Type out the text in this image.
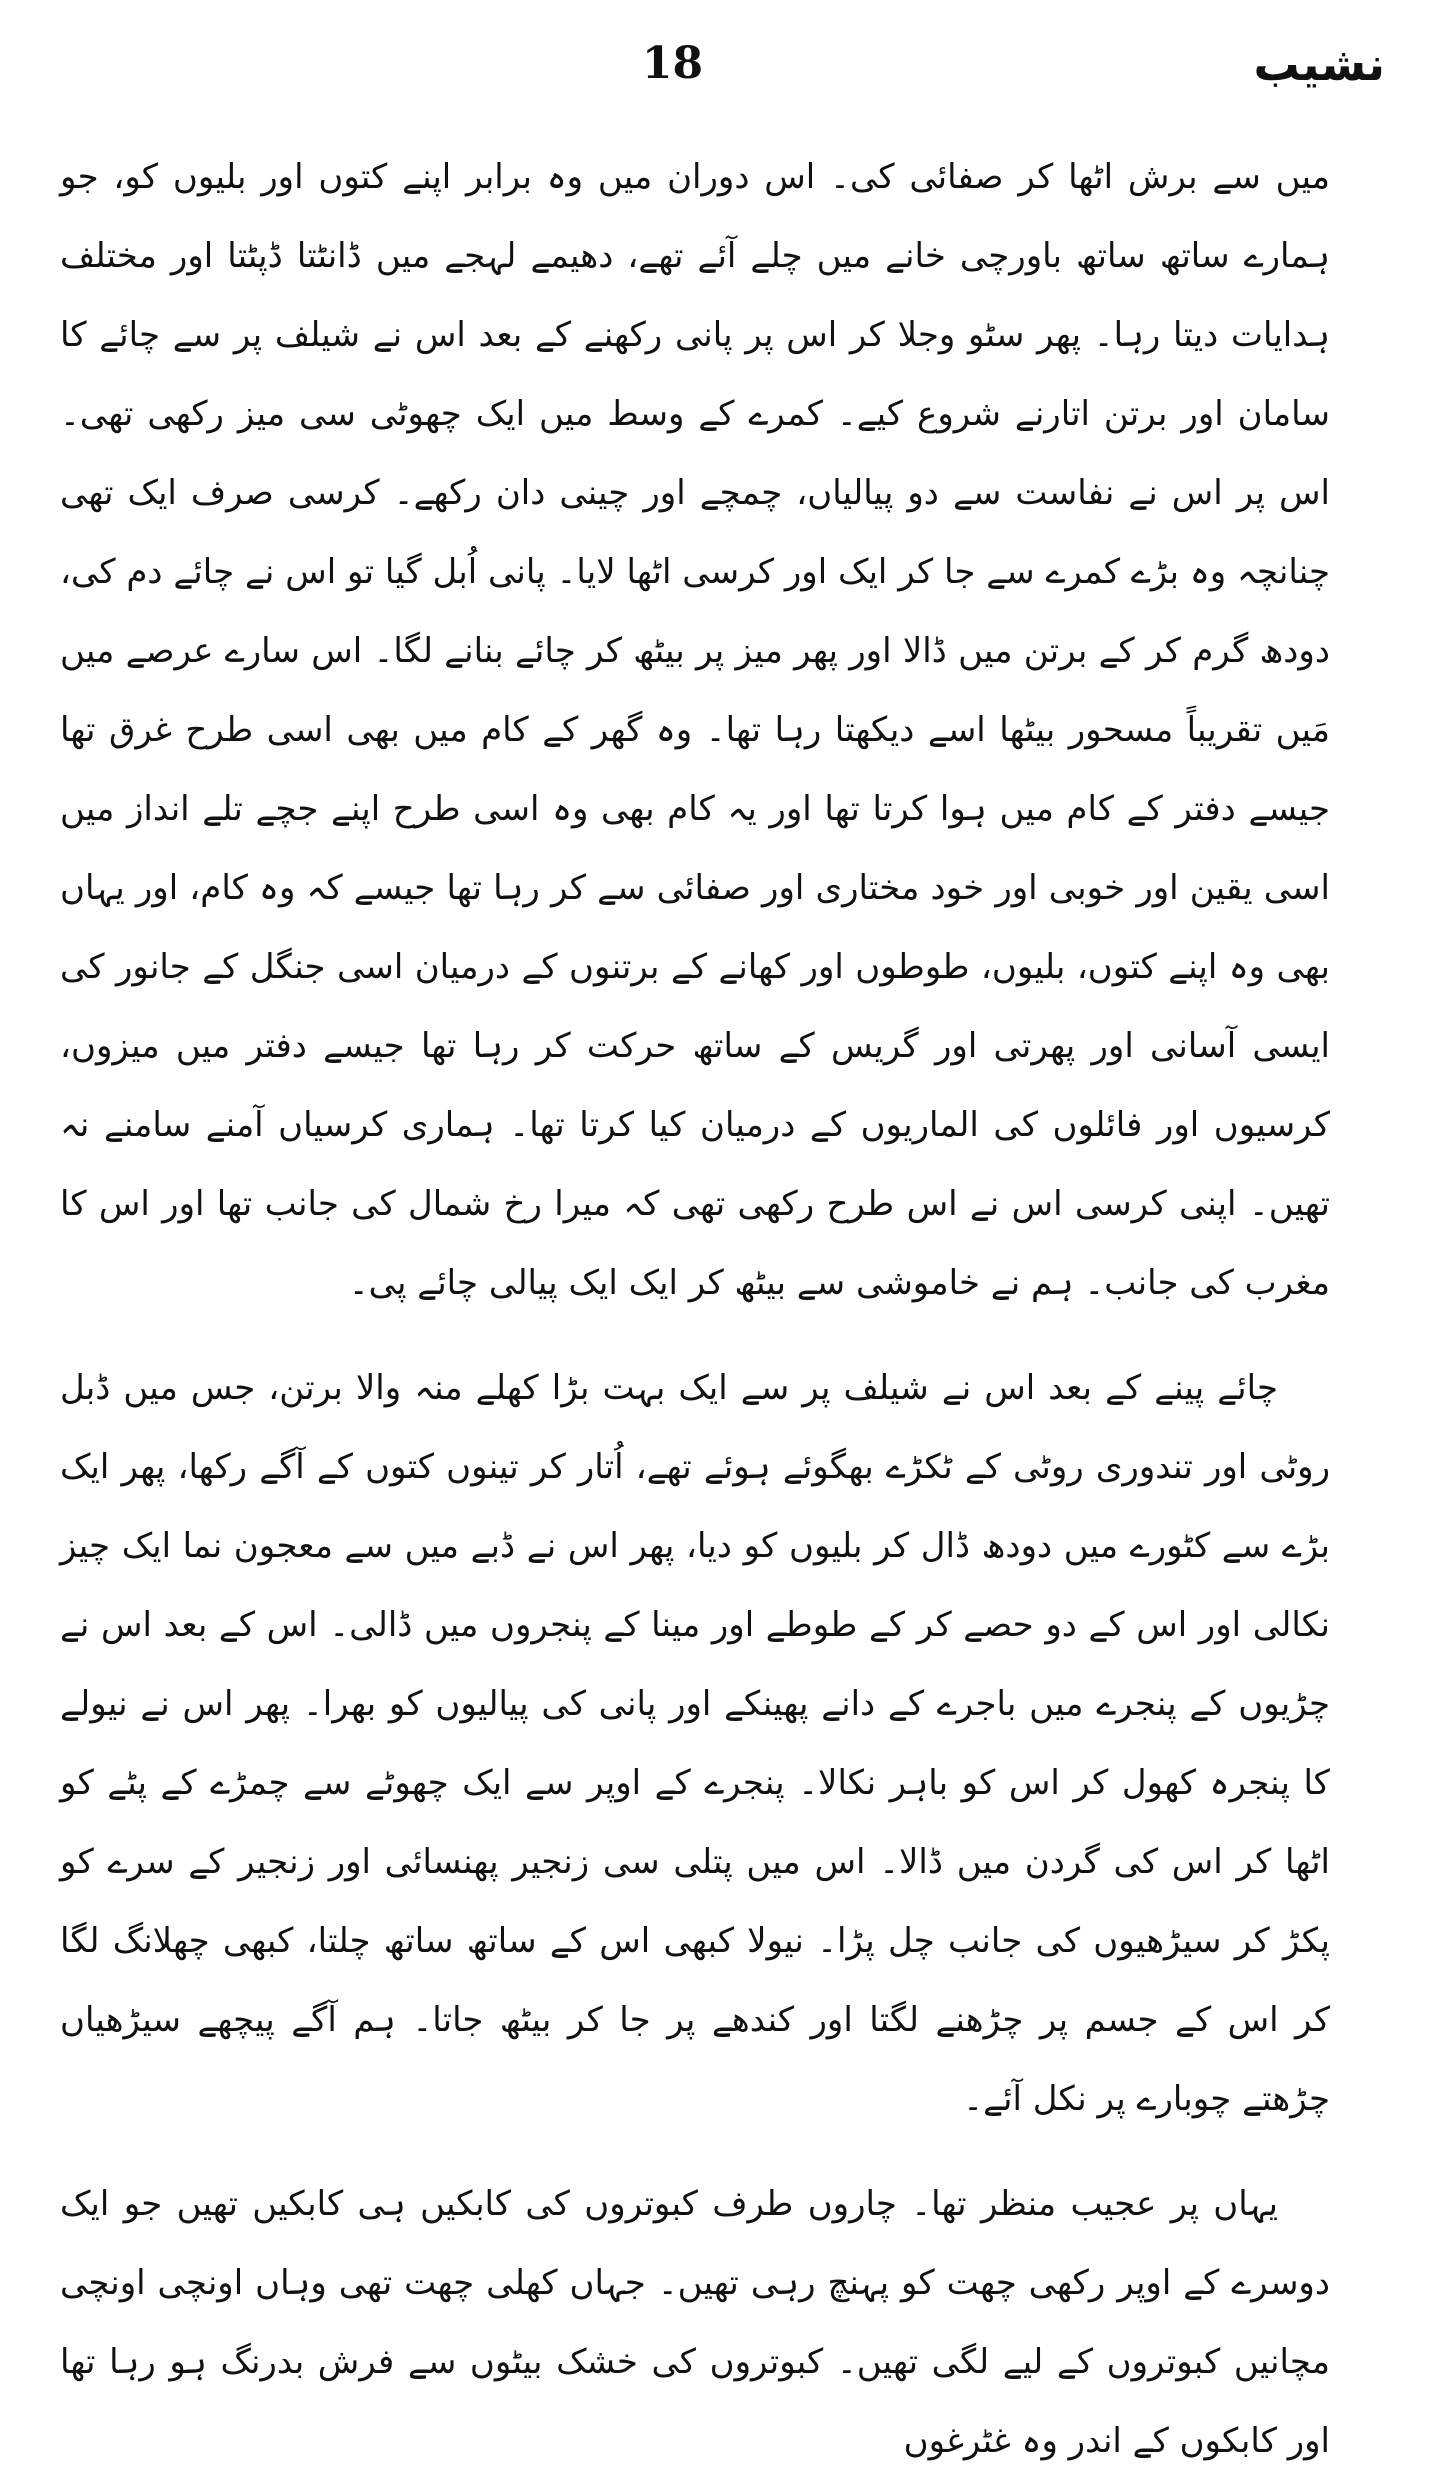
18	نشیب

میں سے برش اٹھا کر صفائی کی۔ اس دوران میں وہ برابر اپنے کتوں اور بلیوں کو، جو ہمارے ساتھ ساتھ باورچی خانے میں چلے آئے تھے، دھیمے لہجے میں ڈانٹتا ڈپٹتا اور مختلف ہدایات دیتا رہا۔ پھر سٹو وجلا کر اس پر پانی رکھنے کے بعد اس نے شیلف پر سے چائے کا سامان اور برتن اتارنے شروع کیے۔ کمرے کے وسط میں ایک چھوٹی سی میز رکھی تھی۔ اس پر اس نے نفاست سے دو پیالیاں، چمچے اور چینی دان رکھے۔ کرسی صرف ایک تھی چنانچہ وہ بڑے کمرے سے جا کر ایک اور کرسی اٹھا لایا۔ پانی اُبل گیا تو اس نے چائے دم کی، دودھ گرم کر کے برتن میں ڈالا اور پھر میز پر بیٹھ کر چائے بنانے لگا۔ اس سارے عرصے میں مَیں تقریباً مسحور بیٹھا اسے دیکھتا رہا تھا۔ وہ گھر کے کام میں بھی اسی طرح غرق تھا جیسے دفتر کے کام میں ہوا کرتا تھا اور یہ کام بھی وہ اسی طرح اپنے جچے تلے انداز میں اسی یقین اور خوبی اور خود مختاری اور صفائی سے کر رہا تھا جیسے کہ وہ کام، اور یہاں بھی وہ اپنے کتوں، بلیوں، طوطوں اور کھانے کے برتنوں کے درمیان اسی جنگل کے جانور کی ایسی آسانی اور پھرتی اور گریس کے ساتھ حرکت کر رہا تھا جیسے دفتر میں میزوں، کرسیوں اور فائلوں کی الماریوں کے درمیان کیا کرتا تھا۔ ہماری کرسیاں آمنے سامنے نہ تھیں۔ اپنی کرسی اس نے اس طرح رکھی تھی کہ میرا رخ شمال کی جانب تھا اور اس کا مغرب کی جانب۔ ہم نے خاموشی سے بیٹھ کر ایک ایک پیالی چائے پی۔

چائے پینے کے بعد اس نے شیلف پر سے ایک بہت بڑا کھلے منہ والا برتن، جس میں ڈبل روٹی اور تندوری روٹی کے ٹکڑے بھگوئے ہوئے تھے، اُتار کر تینوں کتوں کے آگے رکھا، پھر ایک بڑے سے کٹورے میں دودھ ڈال کر بلیوں کو دیا، پھر اس نے ڈبے میں سے معجون نما ایک چیز نکالی اور اس کے دو حصے کر کے طوطے اور مینا کے پنجروں میں ڈالی۔ اس کے بعد اس نے چڑیوں کے پنجرے میں باجرے کے دانے پھینکے اور پانی کی پیالیوں کو بھرا۔ پھر اس نے نیولے کا پنجرہ کھول کر اس کو باہر نکالا۔ پنجرے کے اوپر سے ایک چھوٹے سے چمڑے کے پٹے کو اٹھا کر اس کی گردن میں ڈالا۔ اس میں پتلی سی زنجیر پھنسائی اور زنجیر کے سرے کو پکڑ کر سیڑھیوں کی جانب چل پڑا۔ نیولا کبھی اس کے ساتھ ساتھ چلتا، کبھی چھلانگ لگا کر اس کے جسم پر چڑھنے لگتا اور کندھے پر جا کر بیٹھ جاتا۔ ہم آگے پیچھے سیڑھیاں چڑھتے چوبارے پر نکل آئے۔

یہاں پر عجیب منظر تھا۔ چاروں طرف کبوتروں کی کابکیں ہی کابکیں تھیں جو ایک دوسرے کے اوپر رکھی چھت کو پہنچ رہی تھیں۔ جہاں کھلی چھت تھی وہاں اونچی اونچی مچانیں کبوتروں کے لیے لگی تھیں۔ کبوتروں کی خشک بیٹوں سے فرش بدرنگ ہو رہا تھا اور کابکوں کے اندر وہ غٹرغوں
